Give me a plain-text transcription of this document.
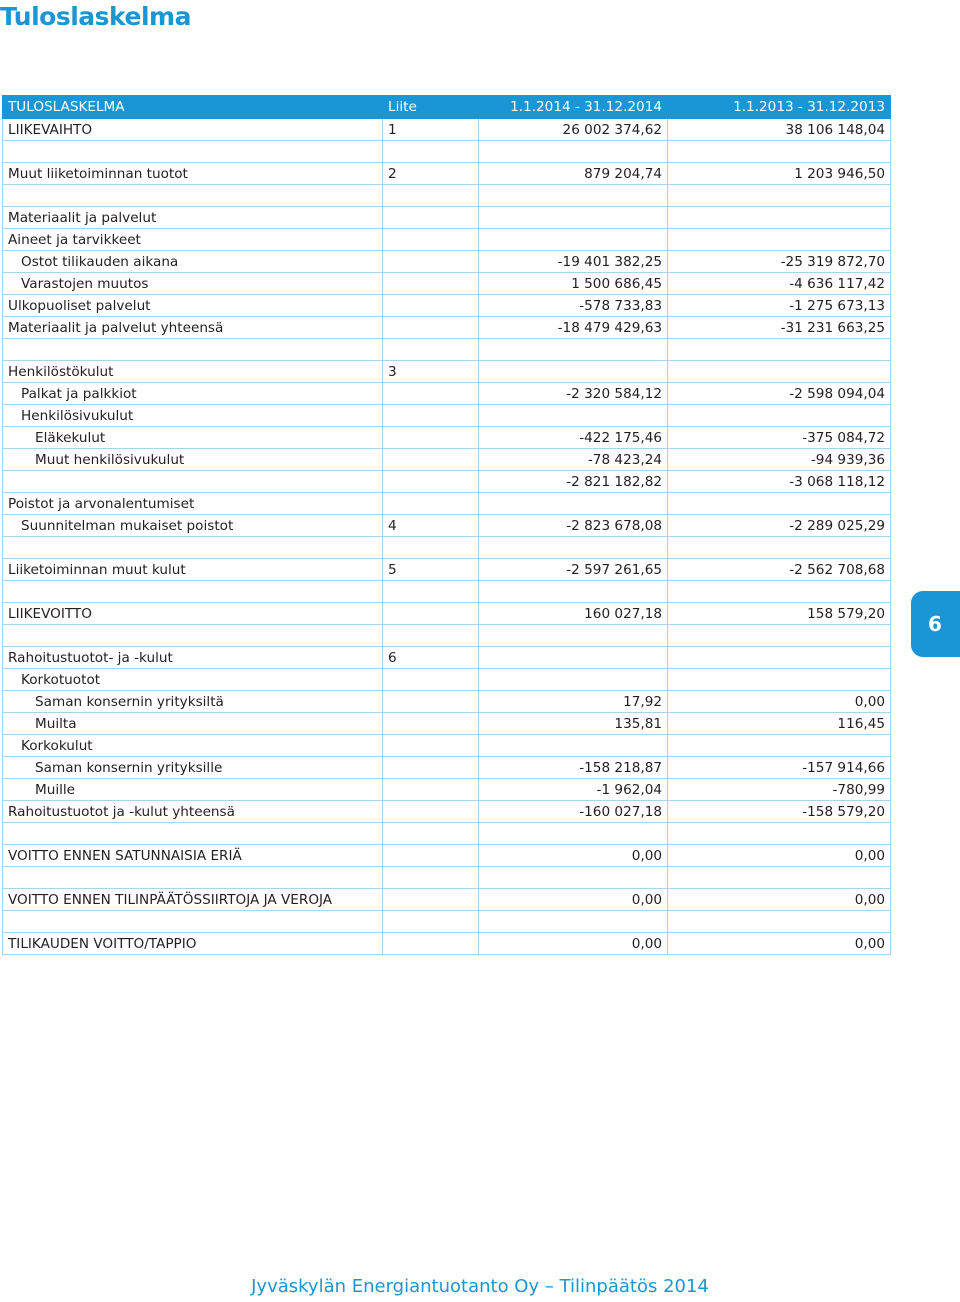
Tuloslaskelma
TULOSLASKELMA	Liite	1.1.2014 - 31.12.2014	1.1.2013 - 31.12.2013
LIIKEVAIHTO	1	26 002 374,62	38 106 148,04

Muut liiketoiminnan tuotot	2	879 204,74	1 203 946,50

Materiaalit ja palvelut			
Aineet ja tarvikkeet			
Ostot tilikauden aikana		-19 401 382,25	-25 319 872,70
Varastojen muutos		1 500 686,45	-4 636 117,42
Ulkopuoliset palvelut		-578 733,83	-1 275 673,13
Materiaalit ja palvelut yhteensä		-18 479 429,63	-31 231 663,25

Henkilöstökulut	3		
Palkat ja palkkiot		-2 320 584,12	-2 598 094,04
Henkilösivukulut			
Eläkekulut		-422 175,46	-375 084,72
Muut henkilösivukulut		-78 423,24	-94 939,36
		-2 821 182,82	-3 068 118,12
Poistot ja arvonalentumiset			
Suunnitelman mukaiset poistot	4	-2 823 678,08	-2 289 025,29

Liiketoiminnan muut kulut	5	-2 597 261,65	-2 562 708,68

LIIKEVOITTO		160 027,18	158 579,20

Rahoitustuotot- ja -kulut	6		
Korkotuotot			
Saman konsernin yrityksiltä		17,92	0,00
Muilta		135,81	116,45
Korkokulut			
Saman konsernin yrityksille		-158 218,87	-157 914,66
Muille		-1 962,04	-780,99
Rahoitustuotot ja -kulut yhteensä		-160 027,18	-158 579,20

VOITTO ENNEN SATUNNAISIA ERIÄ		0,00	0,00

VOITTO ENNEN TILINPÄÄTÖSSIIRTOJA JA VEROJA		0,00	0,00

TILIKAUDEN VOITTO/TAPPIO		0,00	0,00
6
Jyväskylän Energiantuotanto Oy – Tilinpäätös 2014
